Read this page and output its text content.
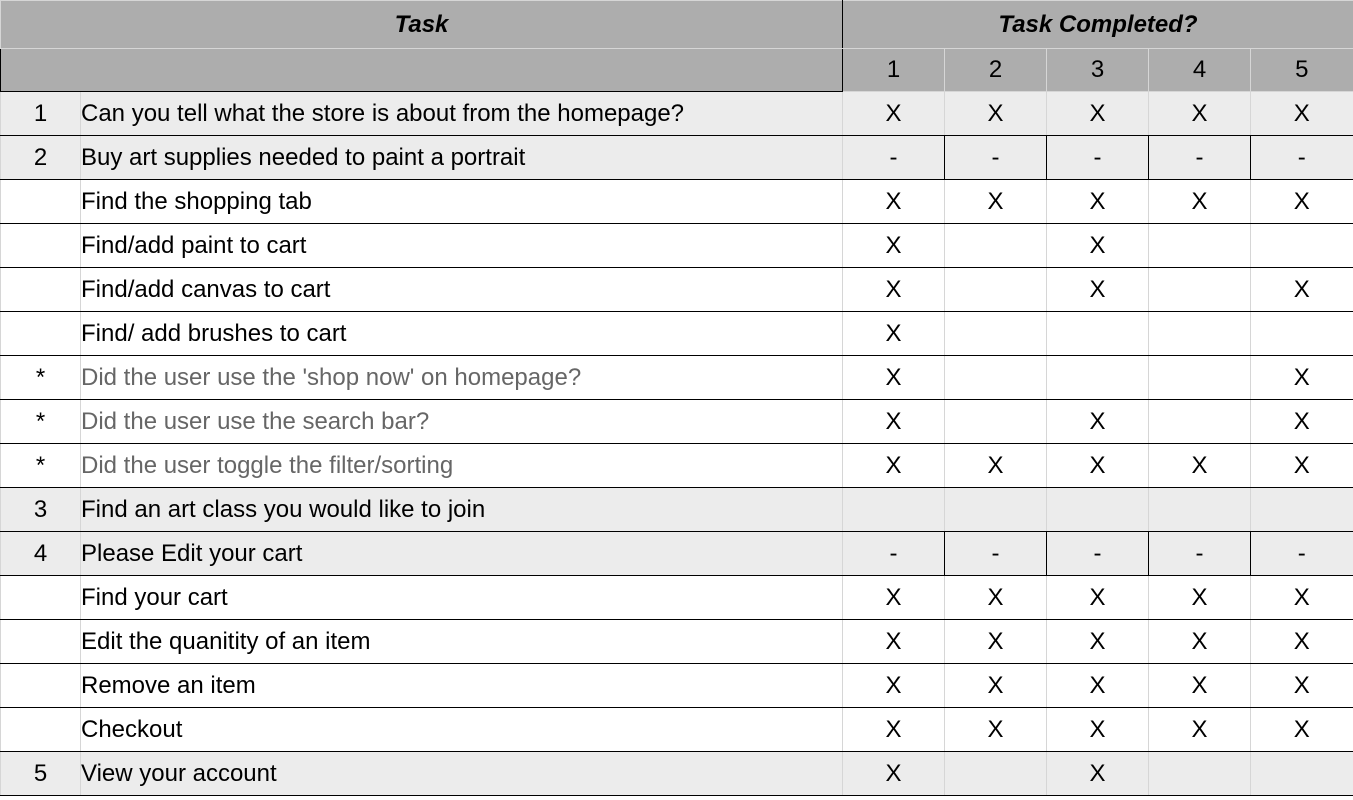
Task		Task Completed?				
		1	2	3	4	5
1	Can you tell what the store is about from the homepage?	X	X	X	X	X
2	Buy art supplies needed to paint a portrait	-	-	-	-	-
	Find the shopping tab	X	X	X	X	X
	Find/add paint to cart	X		X		
	Find/add canvas to cart	X		X		X
	Find/ add brushes to cart	X				
*	Did the user use the 'shop now' on homepage?	X				X
*	Did the user use the search bar?	X		X		X
*	Did the user toggle the filter/sorting	X	X	X	X	X
3	Find an art class you would like to join					
4	Please Edit your cart	-	-	-	-	-
	Find your cart	X	X	X	X	X
	Edit the quanitity of an item	X	X	X	X	X
	Remove an item	X	X	X	X	X
	Checkout	X	X	X	X	X
5	View your account	X		X		
